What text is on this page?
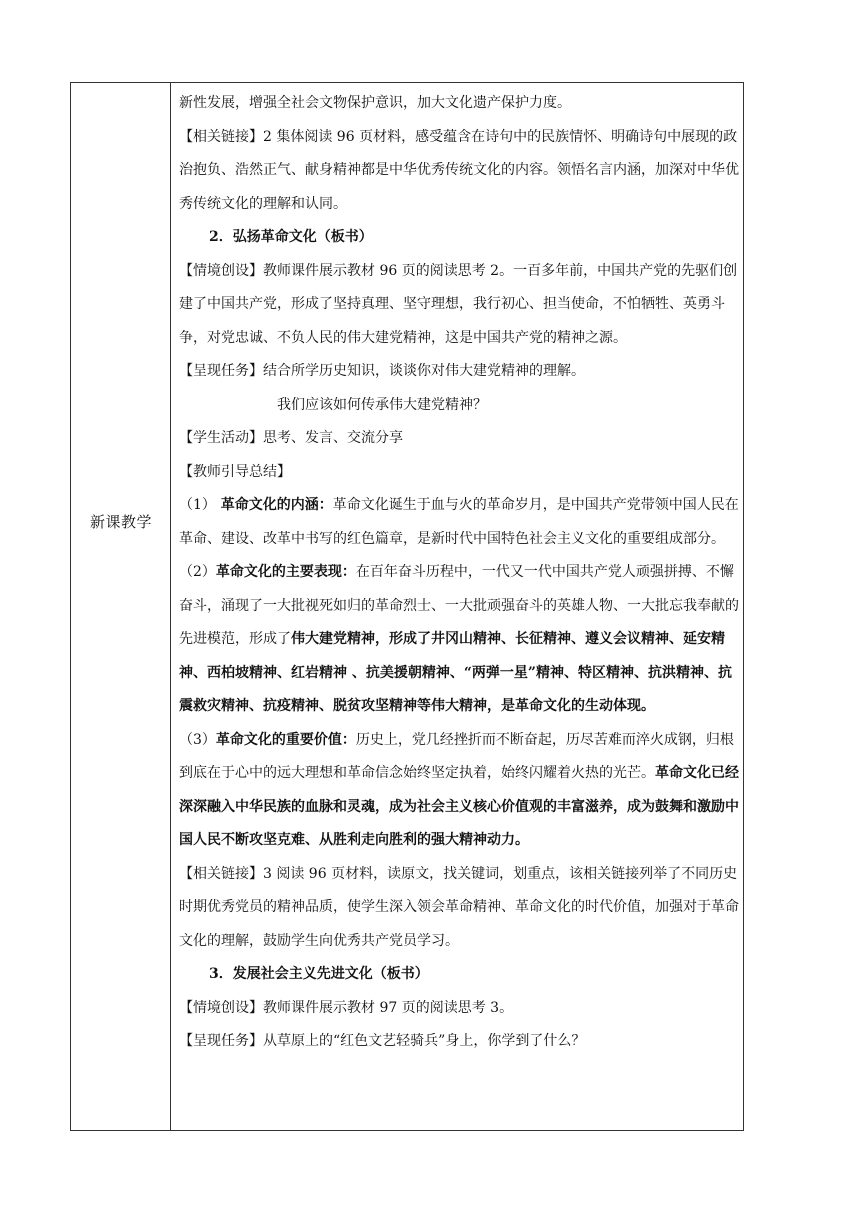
新课教学

新性发展，增强全社会文物保护意识，加大文化遗产保护力度。

【相关链接】2 集体阅读 96 页材料，感受蕴含在诗句中的民族情怀、明确诗句中展现的政治抱负、浩然正气、献身精神都是中华优秀传统文化的内容。领悟名言内涵，加深对中华优秀传统文化的理解和认同。

2．弘扬革命文化（板书）

【情境创设】教师课件展示教材 96 页的阅读思考 2。一百多年前，中国共产党的先驱们创建了中国共产党，形成了坚持真理、坚守理想，我行初心、担当使命，不怕牺牲、英勇斗争，对党忠诚、不负人民的伟大建党精神，这是中国共产党的精神之源。

【呈现任务】结合所学历史知识，谈谈你对伟大建党精神的理解。

我们应该如何传承伟大建党精神？

【学生活动】思考、发言、交流分享

【教师引导总结】

（1） 革命文化的内涵：革命文化诞生于血与火的革命岁月，是中国共产党带领中国人民在革命、建设、改革中书写的红色篇章，是新时代中国特色社会主义文化的重要组成部分。

（2）革命文化的主要表现：在百年奋斗历程中，一代又一代中国共产党人顽强拼搏、不懈奋斗，涌现了一大批视死如归的革命烈士、一大批顽强奋斗的英雄人物、一大批忘我奉献的先进模范，形成了伟大建党精神，形成了井冈山精神、长征精神、遵义会议精神、延安精神、西柏坡精神、红岩精神 、抗美援朝精神、“两弹一星”精神、特区精神、抗洪精神、抗震救灾精神、抗疫精神、脱贫攻坚精神等伟大精神，是革命文化的生动体现。

（3）革命文化的重要价值：历史上，党几经挫折而不断奋起，历尽苦难而淬火成钢，归根到底在于心中的远大理想和革命信念始终坚定执着，始终闪耀着火热的光芒。革命文化已经深深融入中华民族的血脉和灵魂，成为社会主义核心价值观的丰富滋养，成为鼓舞和激励中国人民不断攻坚克难、从胜利走向胜利的强大精神动力。

【相关链接】3 阅读 96 页材料，读原文，找关键词，划重点，该相关链接列举了不同历史时期优秀党员的精神品质，使学生深入领会革命精神、革命文化的时代价值，加强对于革命文化的理解，鼓励学生向优秀共产党员学习。

3．发展社会主义先进文化（板书）

【情境创设】教师课件展示教材 97 页的阅读思考 3。

【呈现任务】从草原上的“红色文艺轻骑兵”身上，你学到了什么？
